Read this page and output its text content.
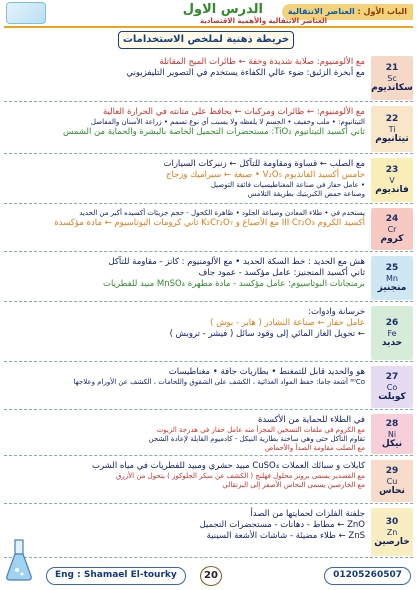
الباب الأول : العناصر الانتقالية
الدرس الاول
العناصر الانتقالية والأهمية الاقتصادية
خريطة ذهنية لملخص الاستخدامات
21
Sc
سكانديوم
مع الألومنيوم: صلابة شديدة وخفة ← طائرات الميج المقاتلة
مع أبخرة الزئبق: ضوء عالي الكفاءة يستخدم في التصوير التليفزيوني
22
Ti
تيتانيوم
مع الألومنيوم: ← طائرات ومركبات ← يحافظ على متانته في الحرارة العالية
التيتانيوم: • ملب وخفيف • الجسم لا يلفظه ولا يسبب أي نوع تسمم • زراعة الأسنان والمفاصل
ثاني أكسيد التيتانيوم TiO₂: مستحضرات التجميل الخاصة بالبشرة والحماية من الشمس
23
V
فانديوم
مع الصلب ← قساوة ومقاومة للتآكل ← زنبركات السيارات
خامس أكسيد الفانديوم V₂O₅ • صبغة ← سيراميك وزجاج
• عامل حفاز في صناعة المغناطيسيات فائقة التوصيل
وصناعة حمض الكبريتيك بطريقة التلامس
24
Cr
كروم
يستخدم في • طلاء المعادن وصباغة الجلود • ظاهرة الكحول - حجم جزيئات أكسيده أكبر من الحديد
أكسيد الكروم III Cr₂O₃ مع الأصباغ و K₂Cr₂O₇ ثاني كرومات البوتاسيوم ← مادة مؤكسدة
25
Mn
منجنيز
هش مع الحديد : خط السكة الحديد • مع الألومنيوم : كانز - مقاومة للتآكل
ثاني أكسيد المنجنيز: عامل مؤكسد - عمود جاف
برمنجانات البوتاسيوم: عامل مؤكسد - مادة مطهرة MnSO₄ مبيد للفطريات
26
Fe
حديد
خرسانة وادوات:
عامل حفاز ← صناعة النشادر ( هابر - بوش )
← تحويل الغاز المائي إلى وقود سائل ( فيشر - تروبش )
27
Co
كوبلت
هو والحديد قابل للتمغنط • بطاريات جافة • مغناطيسات
⁶⁰Co أشعة جاما: حفظ المواد الغذائية ، الكشف على الشقوق واللحامات ، الكشف عن الأورام وعلاجها
28
Ni
نيكل
في الطلاء للحماية من الأكسدة
مع الكروم في ملفات التسخين المجزأ منه عامل حفاز في هدرجة الزيوت
تقاوم التآكل حتى وهي ساخنة بطارية النيكل - كادميوم القابلة لإعادة الشحن
مع الصلب مقاومة الصدأ والأحماض
29
Cu
نحاس
كابلات و سبائك العملات CuSO₄ مبيد حشري ومبيد للفطريات في مياه الشرب
مع القصدير يسمى برونز محلول فهلنج ( الكشف عن سكر الجلوكوز ) يتحول من الأزرق
مع الخارصين يسمى النحاس الأصفر إلى البرتقالي
30
Zn
خارصين
جلفنة الفلزات لحمايتها من الصدأ
ZnO ← مطاط - دهانات - مستحضرات التجميل
ZnS ← طلاء مضيئة - شاشات الأشعة السينية
Eng : Shamael El-tourky	20	01205260507
